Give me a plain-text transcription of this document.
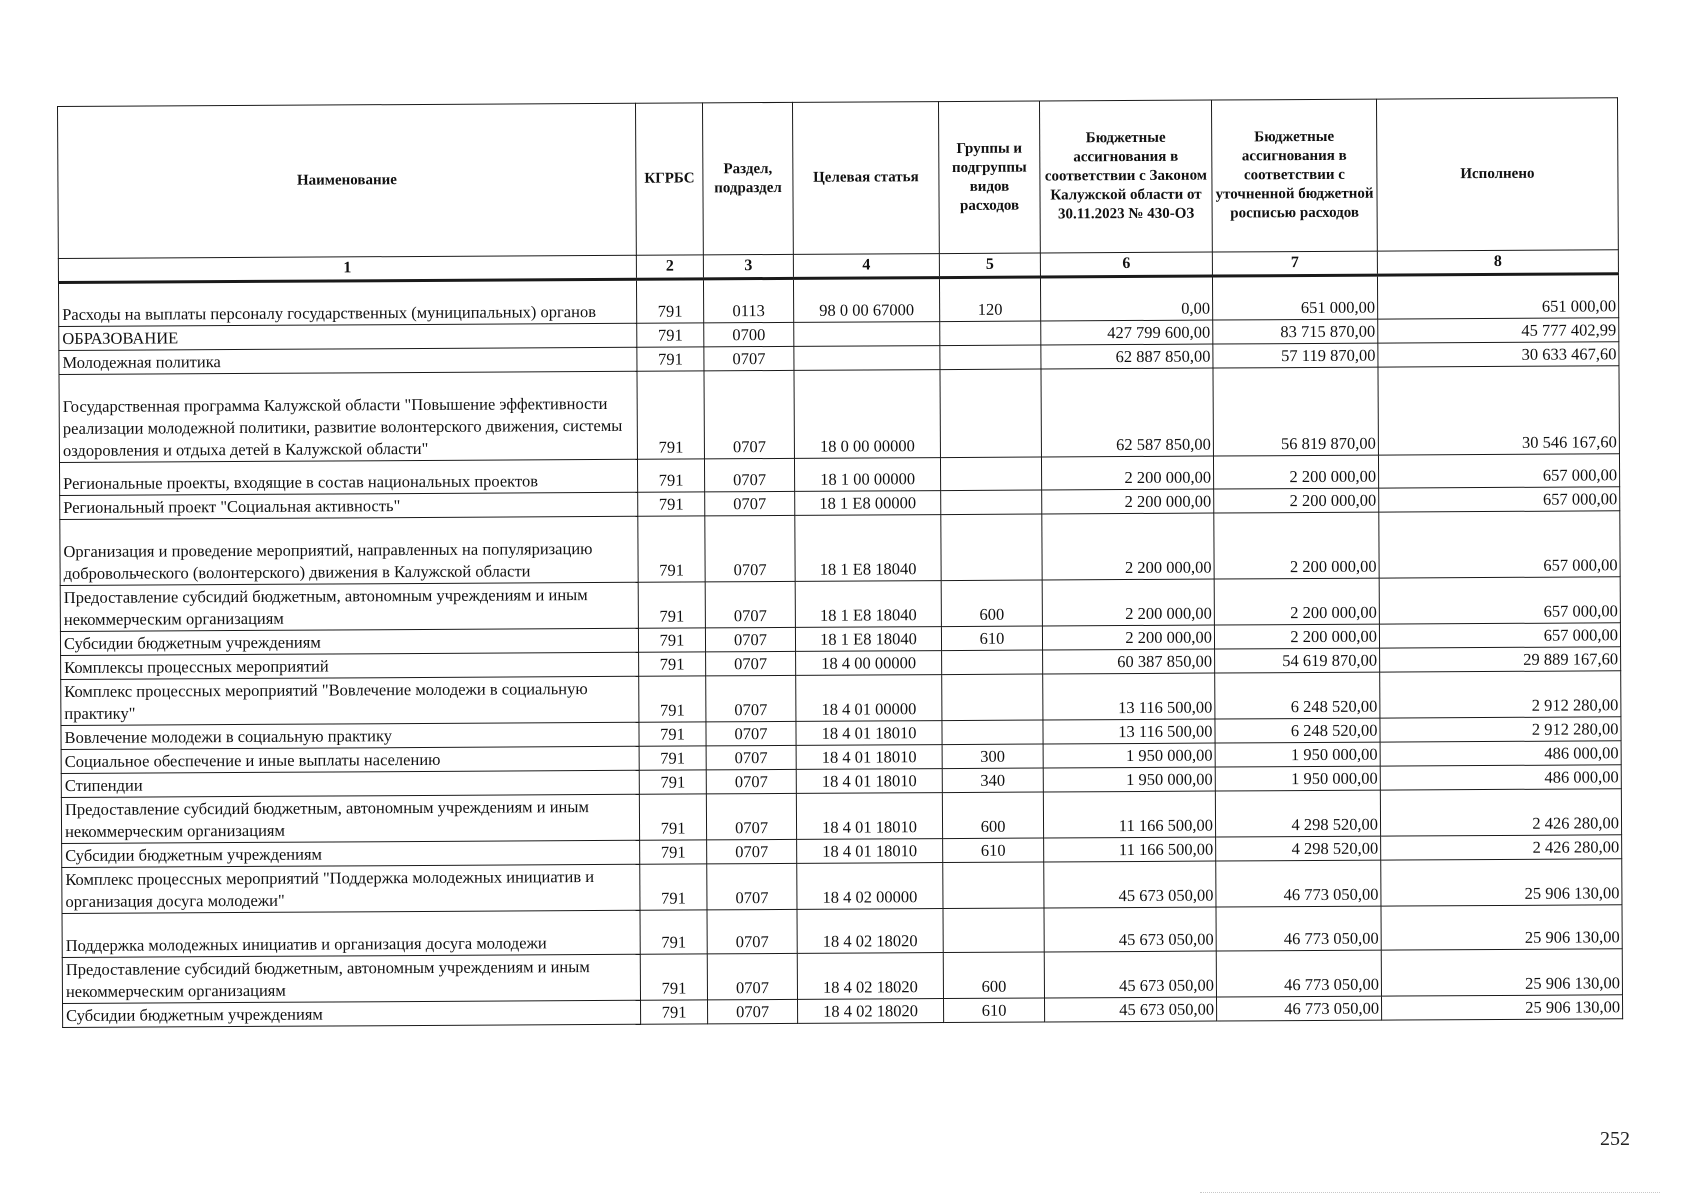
Наименование	КГРБС	Раздел, подраздел	Целевая статья	Группы и подгруппы видов расходов	Бюджетные ассигнования в соответствии с Законом Калужской области от 30.11.2023 № 430-ОЗ	Бюджетные ассигнования в соответствии с уточненной бюджетной росписью расходов	Исполнено
1	2	3	4	5	6	7	8
Расходы на выплаты персоналу государственных (муниципальных) органов	791	0113	98 0 00 67000	120	0,00	651 000,00	651 000,00
ОБРАЗОВАНИЕ	791	0700			427 799 600,00	83 715 870,00	45 777 402,99
Молодежная политика	791	0707			62 887 850,00	57 119 870,00	30 633 467,60
Государственная программа Калужской области "Повышение эффективности реализации молодежной политики, развитие волонтерского движения, системы оздоровления и отдыха детей в Калужской области"	791	0707	18 0 00 00000		62 587 850,00	56 819 870,00	30 546 167,60
Региональные проекты, входящие в состав национальных проектов	791	0707	18 1 00 00000		2 200 000,00	2 200 000,00	657 000,00
Региональный проект "Социальная активность"	791	0707	18 1 Е8 00000		2 200 000,00	2 200 000,00	657 000,00
Организация и проведение мероприятий, направленных на популяризацию добровольческого (волонтерского) движения в Калужской области	791	0707	18 1 Е8 18040		2 200 000,00	2 200 000,00	657 000,00
Предоставление субсидий бюджетным, автономным учреждениям и иным некоммерческим организациям	791	0707	18 1 Е8 18040	600	2 200 000,00	2 200 000,00	657 000,00
Субсидии бюджетным учреждениям	791	0707	18 1 Е8 18040	610	2 200 000,00	2 200 000,00	657 000,00
Комплексы процессных мероприятий	791	0707	18 4 00 00000		60 387 850,00	54 619 870,00	29 889 167,60
Комплекс процессных мероприятий "Вовлечение молодежи в социальную практику"	791	0707	18 4 01 00000		13 116 500,00	6 248 520,00	2 912 280,00
Вовлечение молодежи в социальную практику	791	0707	18 4 01 18010		13 116 500,00	6 248 520,00	2 912 280,00
Социальное обеспечение и иные выплаты населению	791	0707	18 4 01 18010	300	1 950 000,00	1 950 000,00	486 000,00
Стипендии	791	0707	18 4 01 18010	340	1 950 000,00	1 950 000,00	486 000,00
Предоставление субсидий бюджетным, автономным учреждениям и иным некоммерческим организациям	791	0707	18 4 01 18010	600	11 166 500,00	4 298 520,00	2 426 280,00
Субсидии бюджетным учреждениям	791	0707	18 4 01 18010	610	11 166 500,00	4 298 520,00	2 426 280,00
Комплекс процессных мероприятий "Поддержка молодежных инициатив и организация досуга молодежи"	791	0707	18 4 02 00000		45 673 050,00	46 773 050,00	25 906 130,00
Поддержка молодежных инициатив и организация досуга молодежи	791	0707	18 4 02 18020		45 673 050,00	46 773 050,00	25 906 130,00
Предоставление субсидий бюджетным, автономным учреждениям и иным некоммерческим организациям	791	0707	18 4 02 18020	600	45 673 050,00	46 773 050,00	25 906 130,00
Субсидии бюджетным учреждениям	791	0707	18 4 02 18020	610	45 673 050,00	46 773 050,00	25 906 130,00
252
